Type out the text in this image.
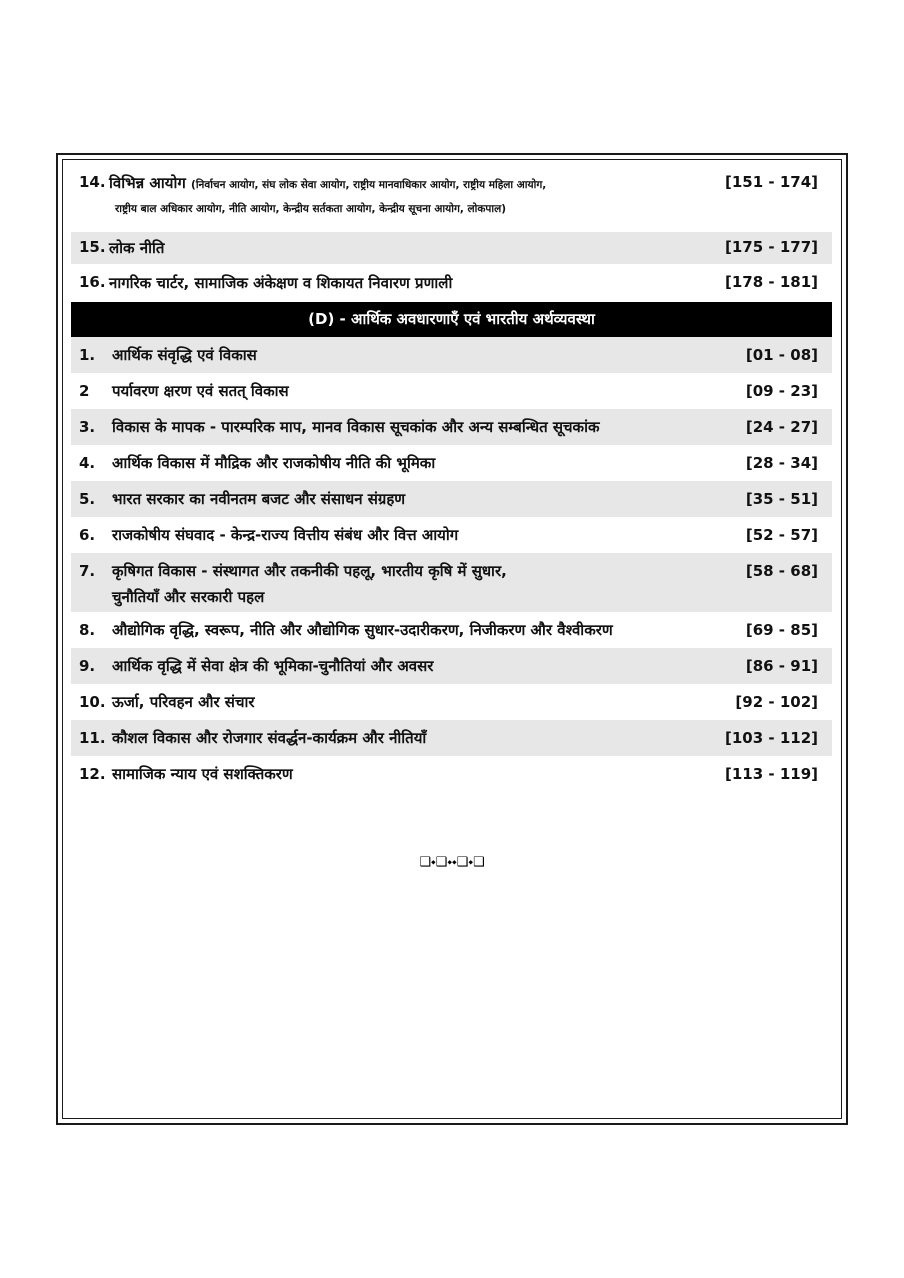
14. विभिन्न आयोग (निर्वाचन आयोग, संघ लोक सेवा आयोग, राष्ट्रीय मानवाधिकार आयोग, राष्ट्रीय महिला आयोग,
राष्ट्रीय बाल अधिकार आयोग, नीति आयोग, केन्द्रीय सर्तकता आयोग, केन्द्रीय सूचना आयोग, लोकपाल)
[151 - 174]
15. लोक नीति	[175 - 177]
16. नागरिक चार्टर, सामाजिक अंकेक्षण व शिकायत निवारण प्रणाली	[178 - 181]
(D) - आर्थिक अवधारणाएँ एवं भारतीय अर्थव्यवस्था
1. आर्थिक संवृद्धि एवं विकास	[01 - 08]
2 पर्यावरण क्षरण एवं सतत् विकास	[09 - 23]
3. विकास के मापक - पारम्परिक माप, मानव विकास सूचकांक और अन्य सम्बन्धित सूचकांक	[24 - 27]
4. आर्थिक विकास में मौद्रिक और राजकोषीय नीति की भूमिका	[28 - 34]
5. भारत सरकार का नवीनतम बजट और संसाधन संग्रहण	[35 - 51]
6. राजकोषीय संघवाद - केन्द्र-राज्य वित्तीय संबंध और वित्त आयोग	[52 - 57]
7. कृषिगत विकास - संस्थागत और तकनीकी पहलू, भारतीय कृषि में सुधार,
चुनौतियाँ और सरकारी पहल
[58 - 68]
8. औद्योगिक वृद्धि, स्वरूप, नीति और औद्योगिक सुधार-उदारीकरण, निजीकरण और वैश्वीकरण	[69 - 85]
9. आर्थिक वृद्धि में सेवा क्षेत्र की भूमिका-चुनौतियां और अवसर	[86 - 91]
10. ऊर्जा, परिवहन और संचार	[92 - 102]
11. कौशल विकास और रोजगार संवर्द्धन-कार्यक्रम और नीतियाँ	[103 - 112]
12. सामाजिक न्याय एवं सशक्तिकरण	[113 - 119]
❑⬩❑⬩⬩❑⬩❑
